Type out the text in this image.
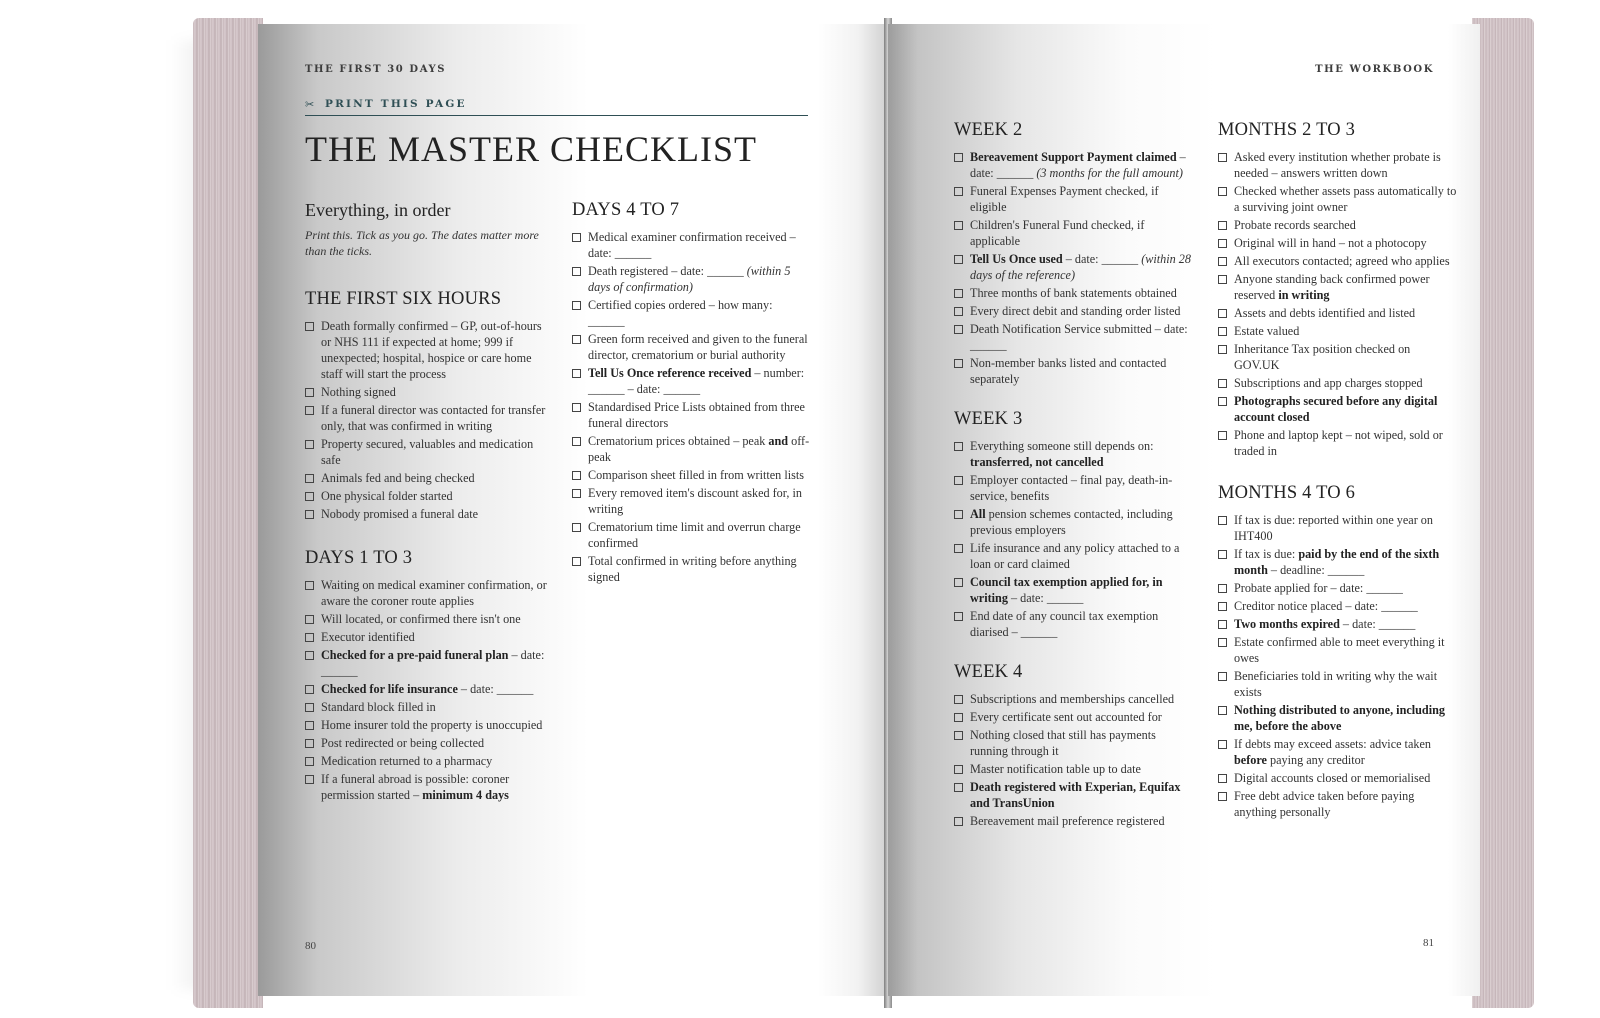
THE FIRST 30 DAYS
✂ PRINT THIS PAGE
THE MASTER CHECKLIST
Everything, in order
Print this. Tick as you go. The dates matter more than the ticks.
THE FIRST SIX HOURS
Death formally confirmed – GP, out-of-hours or NHS 111 if expected at home; 999 if unexpected; hospital, hospice or care home staff will start the process
Nothing signed
If a funeral director was contacted for transfer only, that was confirmed in writing
Property secured, valuables and medication safe
Animals fed and being checked
One physical folder started
Nobody promised a funeral date
DAYS 1 TO 3
Waiting on medical examiner confirmation, or aware the coroner route applies
Will located, or confirmed there isn't one
Executor identified
Checked for a pre-paid funeral plan – date: ______
Checked for life insurance – date: ______
Standard block filled in
Home insurer told the property is unoccupied
Post redirected or being collected
Medication returned to a pharmacy
If a funeral abroad is possible: coroner permission started – minimum 4 days
DAYS 4 TO 7
Medical examiner confirmation received – date: ______
Death registered – date: ______ (within 5 days of confirmation)
Certified copies ordered – how many: ______
Green form received and given to the funeral director, crematorium or burial authority
Tell Us Once reference received – number: ______ – date: ______
Standardised Price Lists obtained from three funeral directors
Crematorium prices obtained – peak and off-peak
Comparison sheet filled in from written lists
Every removed item's discount asked for, in writing
Crematorium time limit and overrun charge confirmed
Total confirmed in writing before anything signed
80
THE WORKBOOK
WEEK 2
Bereavement Support Payment claimed – date: ______ (3 months for the full amount)
Funeral Expenses Payment checked, if eligible
Children's Funeral Fund checked, if applicable
Tell Us Once used – date: ______ (within 28 days of the reference)
Three months of bank statements obtained
Every direct debit and standing order listed
Death Notification Service submitted – date: ______
Non-member banks listed and contacted separately
WEEK 3
Everything someone still depends on: transferred, not cancelled
Employer contacted – final pay, death-in-service, benefits
All pension schemes contacted, including previous employers
Life insurance and any policy attached to a loan or card claimed
Council tax exemption applied for, in writing – date: ______
End date of any council tax exemption diarised – ______
WEEK 4
Subscriptions and memberships cancelled
Every certificate sent out accounted for
Nothing closed that still has payments running through it
Master notification table up to date
Death registered with Experian, Equifax and TransUnion
Bereavement mail preference registered
MONTHS 2 TO 3
Asked every institution whether probate is needed – answers written down
Checked whether assets pass automatically to a surviving joint owner
Probate records searched
Original will in hand – not a photocopy
All executors contacted; agreed who applies
Anyone standing back confirmed power reserved in writing
Assets and debts identified and listed
Estate valued
Inheritance Tax position checked on GOV.UK
Subscriptions and app charges stopped
Photographs secured before any digital account closed
Phone and laptop kept – not wiped, sold or traded in
MONTHS 4 TO 6
If tax is due: reported within one year on IHT400
If tax is due: paid by the end of the sixth month – deadline: ______
Probate applied for – date: ______
Creditor notice placed – date: ______
Two months expired – date: ______
Estate confirmed able to meet everything it owes
Beneficiaries told in writing why the wait exists
Nothing distributed to anyone, including me, before the above
If debts may exceed assets: advice taken before paying any creditor
Digital accounts closed or memorialised
Free debt advice taken before paying anything personally
81
